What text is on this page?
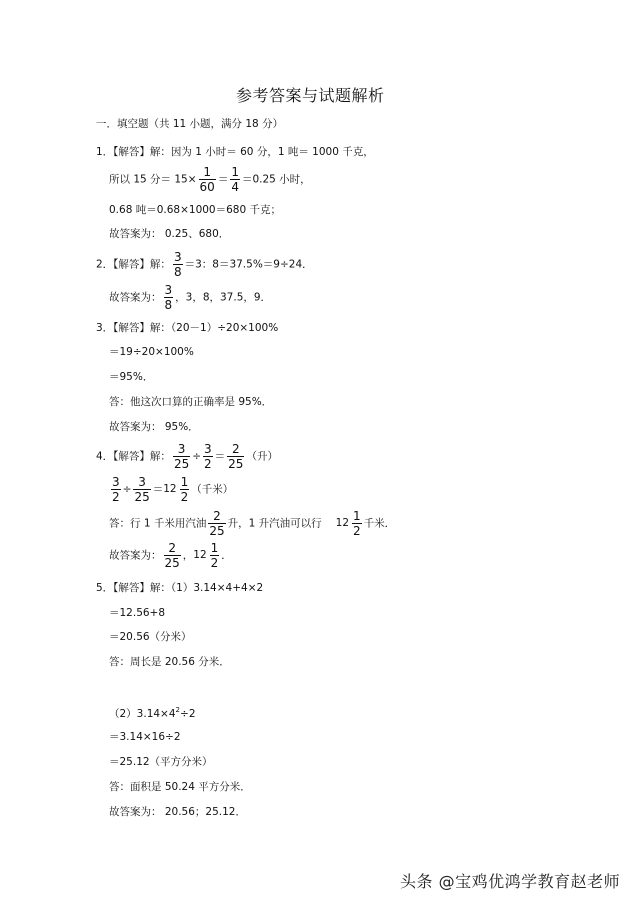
参考答案与试题解析
一．填空题（共 11 小题，满分 18 分）
1．【解答】解：因为 1 小时＝ 60 分，1 吨＝ 1000 千克，
所以 15 分＝ $15\times \frac{1}{60} = \frac{1}{4} =0.25$ 小时，
0.68 吨＝0.68×1000＝680 千克；
故答案为： 0.25、680．
2．【解答】解： $\frac{3}{8} =3$：8＝37.5%＝9÷24．
故答案为： $\frac{3}{8}$ ，3，8，37.5，9．
3．【解答】解：（20－1）÷20×100%
＝19÷20×100%
＝95%．
答：他这次口算的正确率是 95%．
故答案为： 95%．
4．【解答】解： $\frac{3}{25} \div \frac{3}{2} = \frac{2}{25}$ （升）
$\frac{3}{2} \div \frac{3}{25} = 12 \frac{1}{2}$ （千米）
答：行 1 千米用汽油 $\frac{2}{25}$ 升，1 升汽油可以行 $12 \frac{1}{2}$ 千米．
故答案为： $\frac{2}{25}$ ， $12 \frac{1}{2}$ ．
5．【解答】解：（1）3.14×4+4×2
＝12.56+8
＝20.56（分米）
答：周长是 20.56 分米．
$(2)3.14\times 4^2\div 2$
＝3.14×16÷2
＝25.12（平方分米）
答：面积是 50.24 平方分米．
故答案为： 20.56；25.12．
头条 @宝鸡优鸿学教育赵老师
